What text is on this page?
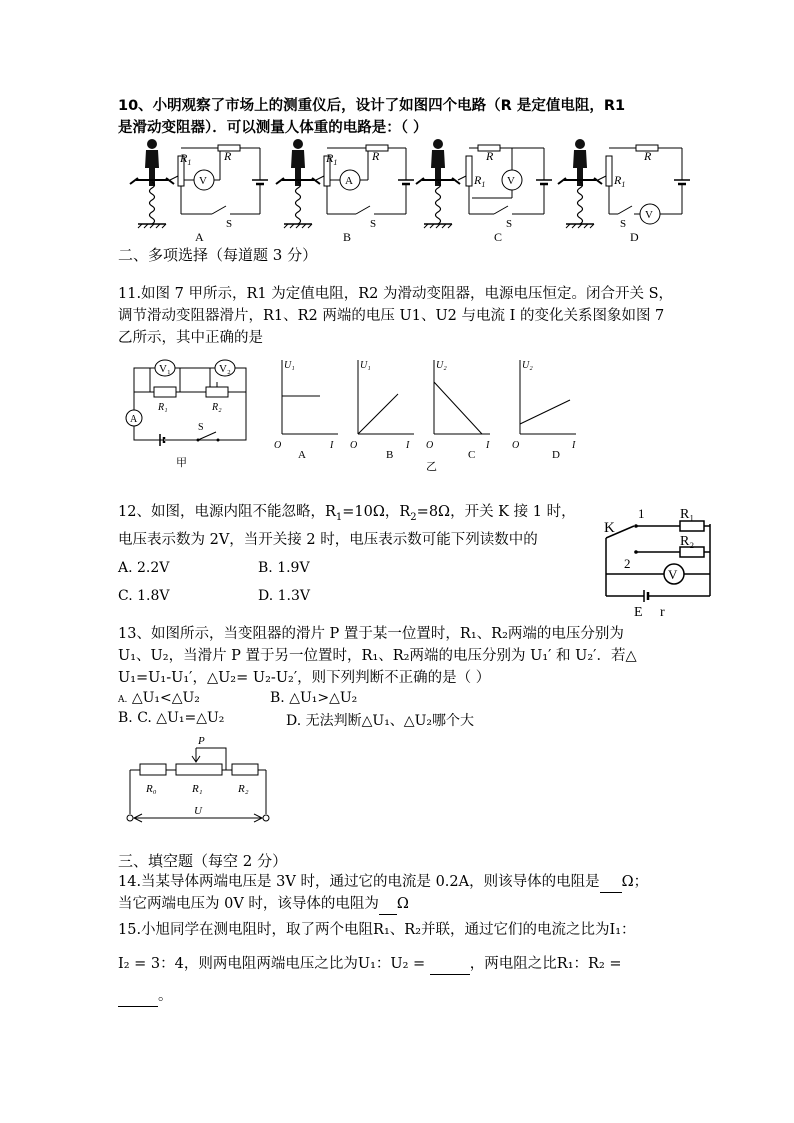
10、小明观察了市场上的测重仪后，设计了如图四个电路（R 是定值电阻，R1
是滑动变阻器）．可以测量人体重的电路是：（ ）
$R_1$	R
V
S
A
$R_1$	R
A
S
B
$R_1$
R
V
S
C
$R_1$
R
V
S
D
二、多项选择（每道题 3 分）
11.如图 7 甲所示，R1 为定值电阻，R2 为滑动变阻器，电源电压恒定。闭合开关 S，
调节滑动变阻器滑片，R1、R2 两端的电压 U1、U2 与电流 I 的变化关系图象如图 7
乙所示，其中正确的是
V₁	V₂
A
R₁	R₂
S
甲
U₁
O	I
A
U₁
O	I
B
U₂
O	I
C
乙
U₂
O	I
D
12、如图，电源内阻不能忽略，$R_1=10\Omega$，$R_2=8\Omega$，开关 K 接 1 时，
电压表示数为 2V，当开关接 2 时，电压表示数可能下列读数中的
A. 2.2V	B. 1.9V
C. 1.8V	D. 1.3V
K
1
2
R₁
R₂
V
E r
13、如图所示，当变阻器的滑片 P 置于某一位置时，R₁、R₂两端的电压分别为
U₁、U₂，当滑片 P 置于另一位置时，R₁、R₂两端的电压分别为 U₁′ 和 U₂′．若△
U₁=U₁-U₁′，△U₂= U₂-U₂′，则下列判断不正确的是（ ）
A. △U₁<△U₂	B. △U₁>△U₂
B. C. △U₁=△U₂	D. 无法判断△U₁、△U₂哪个大
P
R₀	R₁	R₂
U
三、填空题（每空 2 分）
14.当某导体两端电压是 3V 时，通过它的电流是 0.2A，则该导体的电阻是 Ω；
当它两端电压为 0V 时，该导体的电阻为 Ω
15.小旭同学在测电阻时，取了两个电阻R₁、R₂并联，通过它们的电流之比为I₁：
I₂ = 3：4，则两电阻两端电压之比为U₁：U₂ =	，两电阻之比R₁：R₂ =
。
